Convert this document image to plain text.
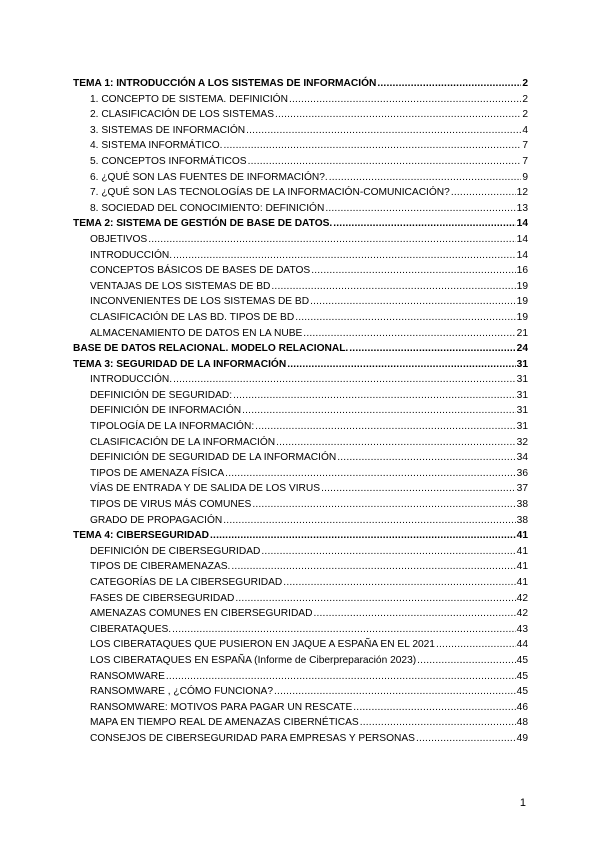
TEMA 1: INTRODUCCIÓN A LOS SISTEMAS DE INFORMACIÓN .....	2
1. CONCEPTO DE SISTEMA. DEFINICIÓN .....	2
2. CLASIFICACIÓN DE LOS SISTEMAS .....	2
3. SISTEMAS DE INFORMACIÓN .....	4
4. SISTEMA INFORMÁTICO. .....	7
5. CONCEPTOS INFORMÁTICOS .....	7
6. ¿QUÉ SON LAS FUENTES DE INFORMACIÓN?. .....	9
7. ¿QUÉ SON LAS TECNOLOGÍAS DE LA INFORMACIÓN-COMUNICACIÓN? .....	12
8. SOCIEDAD DEL CONOCIMIENTO: DEFINICIÓN .....	13
TEMA 2: SISTEMA DE GESTIÓN DE BASE DE DATOS. .....	14
OBJETIVOS .....	14
INTRODUCCIÓN. .....	14
CONCEPTOS BÁSICOS DE BASES DE DATOS .....	16
VENTAJAS DE LOS SISTEMAS DE BD .....	19
INCONVENIENTES DE LOS SISTEMAS DE BD .....	19
CLASIFICACIÓN DE LAS BD. TIPOS DE BD .....	19
ALMACENAMIENTO DE DATOS EN LA NUBE .....	21
BASE DE DATOS RELACIONAL. MODELO RELACIONAL. .....	24
TEMA 3: SEGURIDAD DE LA INFORMACIÓN .....	31
INTRODUCCIÓN. .....	31
DEFINICIÓN DE SEGURIDAD: .....	31
DEFINICIÓN DE INFORMACIÓN .....	31
TIPOLOGÍA DE LA INFORMACIÓN: .....	31
CLASIFICACIÓN DE LA INFORMACIÓN .....	32
DEFINICIÓN DE SEGURIDAD DE LA INFORMACIÓN .....	34
TIPOS DE AMENAZA FÍSICA .....	36
VÍAS DE ENTRADA Y DE SALIDA DE LOS VIRUS .....	37
TIPOS DE VIRUS MÁS COMUNES .....	38
GRADO DE PROPAGACIÓN .....	38
TEMA 4: CIBERSEGURIDAD .....	41
DEFINICIÓN DE CIBERSEGURIDAD .....	41
TIPOS DE CIBERAMENAZAS. .....	41
CATEGORÍAS DE LA CIBERSEGURIDAD .....	41
FASES DE CIBERSEGURIDAD .....	42
AMENAZAS COMUNES EN CIBERSEGURIDAD .....	42
CIBERATAQUES. .....	43
LOS CIBERATAQUES QUE PUSIERON EN JAQUE A ESPAÑA EN EL 2021 .....	44
LOS CIBERATAQUES EN ESPAÑA (Informe de Ciberpreparación 2023) .....	45
RANSOMWARE .....	45
RANSOMWARE , ¿CÓMO FUNCIONA? .....	45
RANSOMWARE: MOTIVOS PARA PAGAR UN RESCATE .....	46
MAPA EN TIEMPO REAL DE AMENAZAS CIBERNÉTICAS .....	48
CONSEJOS DE CIBERSEGURIDAD PARA EMPRESAS Y PERSONAS .....	49
1
